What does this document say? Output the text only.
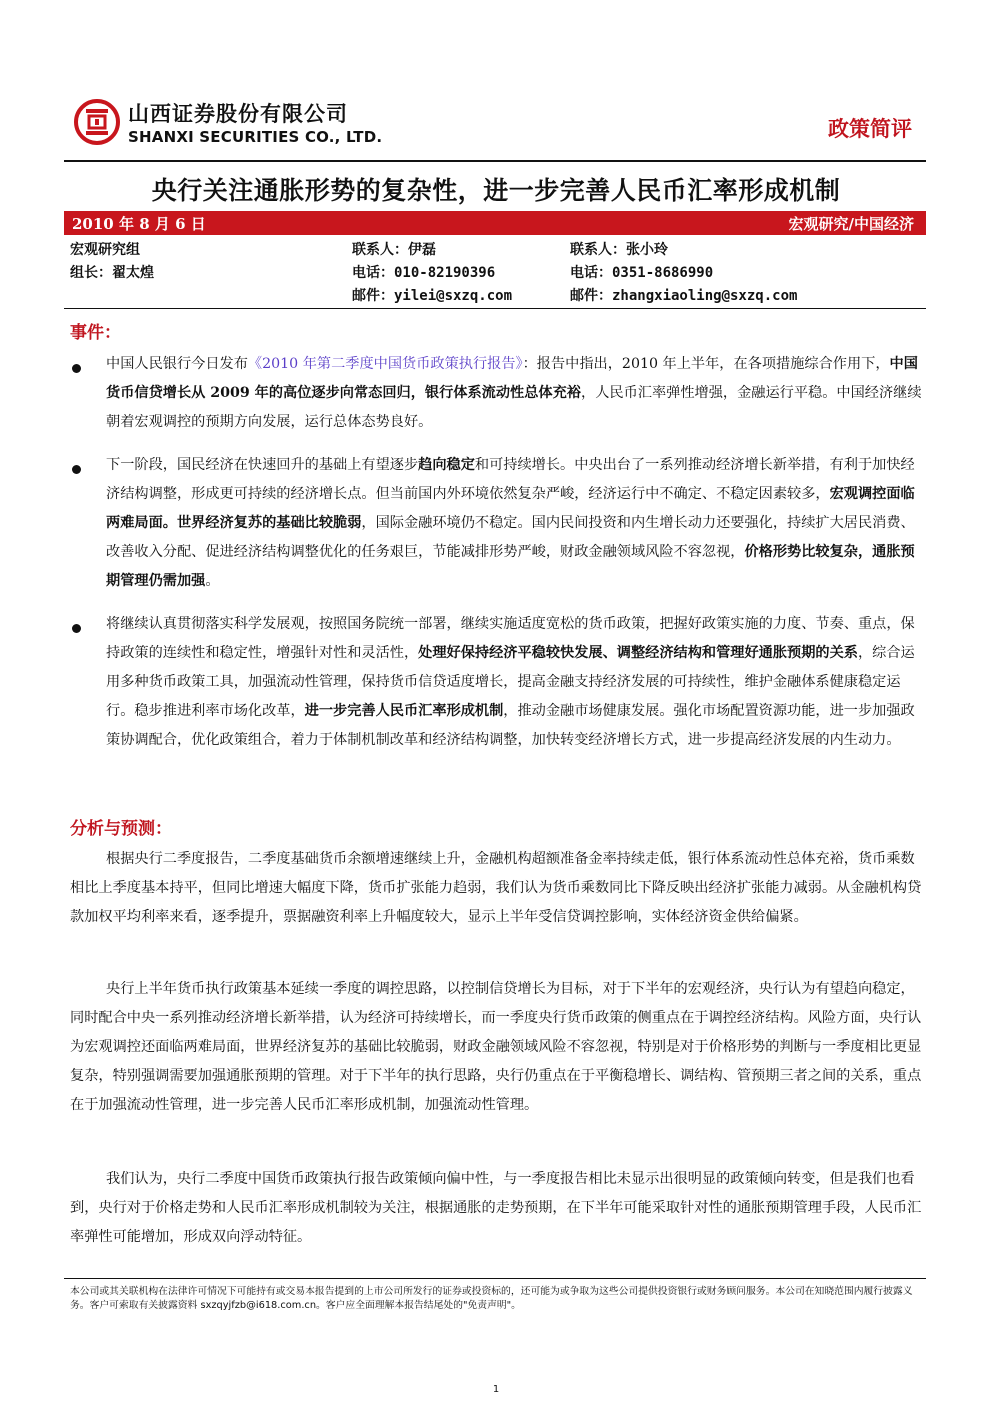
山西证券股份有限公司
SHANXI SECURITIES CO., LTD.	政策简评
央行关注通胀形势的复杂性，进一步完善人民币汇率形成机制
2010 年 8 月 6 日	宏观研究/中国经济
宏观研究组
组长：翟太煌
联系人：伊磊
电话：010-82190396
邮件：yilei@sxzq.com
联系人：张小玲
电话：0351-8686990
邮件：zhangxiaoling@sxzq.com
事件：
中国人民银行今日发布《2010 年第二季度中国货币政策执行报告》：报告中指出，2010 年上半年，在各项措施综合作用下，中国货币信贷增长从 2009 年的高位逐步向常态回归，银行体系流动性总体充裕，人民币汇率弹性增强，金融运行平稳。中国经济继续朝着宏观调控的预期方向发展，运行总体态势良好。
下一阶段，国民经济在快速回升的基础上有望逐步趋向稳定和可持续增长。中央出台了一系列推动经济增长新举措，有利于加快经济结构调整，形成更可持续的经济增长点。但当前国内外环境依然复杂严峻，经济运行中不确定、不稳定因素较多，宏观调控面临两难局面。世界经济复苏的基础比较脆弱，国际金融环境仍不稳定。国内民间投资和内生增长动力还要强化，持续扩大居民消费、改善收入分配、促进经济结构调整优化的任务艰巨，节能减排形势严峻，财政金融领域风险不容忽视，价格形势比较复杂，通胀预期管理仍需加强。
将继续认真贯彻落实科学发展观，按照国务院统一部署，继续实施适度宽松的货币政策，把握好政策实施的力度、节奏、重点，保持政策的连续性和稳定性，增强针对性和灵活性，处理好保持经济平稳较快发展、调整经济结构和管理好通胀预期的关系，综合运用多种货币政策工具，加强流动性管理，保持货币信贷适度增长，提高金融支持经济发展的可持续性，维护金融体系健康稳定运行。稳步推进利率市场化改革，进一步完善人民币汇率形成机制，推动金融市场健康发展。强化市场配置资源功能，进一步加强政策协调配合，优化政策组合，着力于体制机制改革和经济结构调整，加快转变经济增长方式，进一步提高经济发展的内生动力。
分析与预测：
根据央行二季度报告，二季度基础货币余额增速继续上升，金融机构超额准备金率持续走低，银行体系流动性总体充裕，货币乘数相比上季度基本持平，但同比增速大幅度下降，货币扩张能力趋弱，我们认为货币乘数同比下降反映出经济扩张能力减弱。从金融机构贷款加权平均利率来看，逐季提升，票据融资利率上升幅度较大，显示上半年受信贷调控影响，实体经济资金供给偏紧。
央行上半年货币执行政策基本延续一季度的调控思路，以控制信贷增长为目标，对于下半年的宏观经济，央行认为有望趋向稳定，同时配合中央一系列推动经济增长新举措，认为经济可持续增长，而一季度央行货币政策的侧重点在于调控经济结构。风险方面，央行认为宏观调控还面临两难局面，世界经济复苏的基础比较脆弱，财政金融领域风险不容忽视，特别是对于价格形势的判断与一季度相比更显复杂，特别强调需要加强通胀预期的管理。对于下半年的执行思路，央行仍重点在于平衡稳增长、调结构、管预期三者之间的关系，重点在于加强流动性管理，进一步完善人民币汇率形成机制，加强流动性管理。
我们认为，央行二季度中国货币政策执行报告政策倾向偏中性，与一季度报告相比未显示出很明显的政策倾向转变，但是我们也看到，央行对于价格走势和人民币汇率形成机制较为关注，根据通胀的走势预期，在下半年可能采取针对性的通胀预期管理手段，人民币汇率弹性可能增加，形成双向浮动特征。
本公司或其关联机构在法律许可情况下可能持有或交易本报告提到的上市公司所发行的证券或投资标的，还可能为或争取为这些公司提供投资银行或财务顾问服务。本公司在知晓范围内履行披露义务。客户可索取有关披露资料 sxzqyjfzb@i618.com.cn。客户应全面理解本报告结尾处的"免责声明"。
1
